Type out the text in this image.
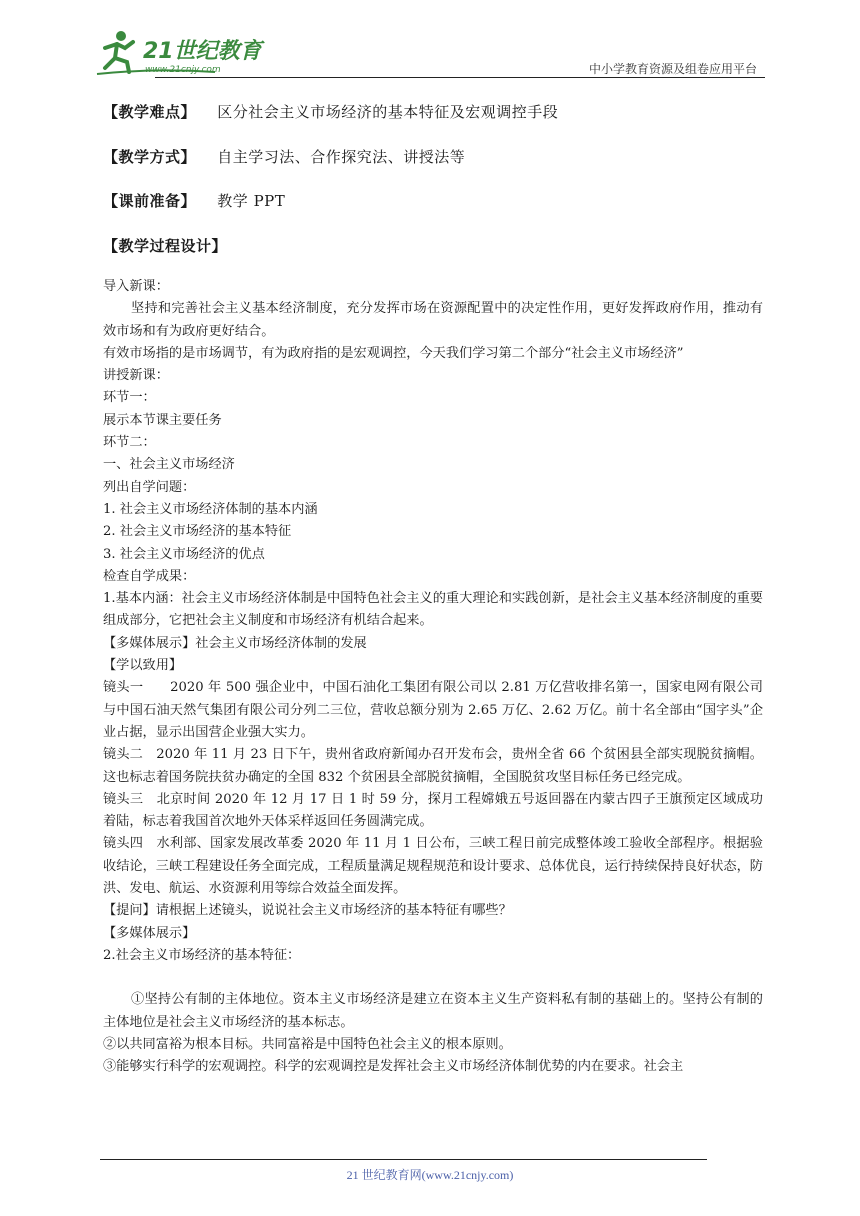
21世纪教育
www.21cnjy.com	中小学教育资源及组卷应用平台
【教学难点】 区分社会主义市场经济的基本特征及宏观调控手段
【教学方式】 自主学习法、合作探究法、讲授法等
【课前准备】 教学 PPT
【教学过程设计】

导入新课：

坚持和完善社会主义基本经济制度，充分发挥市场在资源配置中的决定性作用，更好发挥政府作用，推动有效市场和有为政府更好结合。

有效市场指的是市场调节，有为政府指的是宏观调控，今天我们学习第二个部分“社会主义市场经济”

讲授新课：

环节一：

展示本节课主要任务

环节二：

一、社会主义市场经济

列出自学问题：

1. 社会主义市场经济体制的基本内涵

2. 社会主义市场经济的基本特征

3. 社会主义市场经济的优点

检查自学成果：

1.基本内涵：社会主义市场经济体制是中国特色社会主义的重大理论和实践创新，是社会主义基本经济制度的重要组成部分，它把社会主义制度和市场经济有机结合起来。

【多媒体展示】社会主义市场经济体制的发展

【学以致用】

镜头一　　2020 年 500 强企业中，中国石油化工集团有限公司以 2.81 万亿营收排名第一，国家电网有限公司与中国石油天然气集团有限公司分列二三位，营收总额分别为 2.65 万亿、2.62 万亿。前十名全部由“国字头”企业占据，显示出国营企业强大实力。

镜头二　2020 年 11 月 23 日下午，贵州省政府新闻办召开发布会，贵州全省 66 个贫困县全部实现脱贫摘帽。这也标志着国务院扶贫办确定的全国 832 个贫困县全部脱贫摘帽，全国脱贫攻坚目标任务已经完成。

镜头三　北京时间 2020 年 12 月 17 日 1 时 59 分，探月工程嫦娥五号返回器在内蒙古四子王旗预定区域成功着陆，标志着我国首次地外天体采样返回任务圆满完成。

镜头四　水利部、国家发展改革委 2020 年 11 月 1 日公布，三峡工程日前完成整体竣工验收全部程序。根据验收结论，三峡工程建设任务全面完成，工程质量满足规程规范和设计要求、总体优良，运行持续保持良好状态，防洪、发电、航运、水资源利用等综合效益全面发挥。

【提问】请根据上述镜头，说说社会主义市场经济的基本特征有哪些？

【多媒体展示】

2.社会主义市场经济的基本特征：

①坚持公有制的主体地位。资本主义市场经济是建立在资本主义生产资料私有制的基础上的。坚持公有制的主体地位是社会主义市场经济的基本标志。

②以共同富裕为根本目标。共同富裕是中国特色社会主义的根本原则。

③能够实行科学的宏观调控。科学的宏观调控是发挥社会主义市场经济体制优势的内在要求。社会主

21 世纪教育网(www.21cnjy.com)
